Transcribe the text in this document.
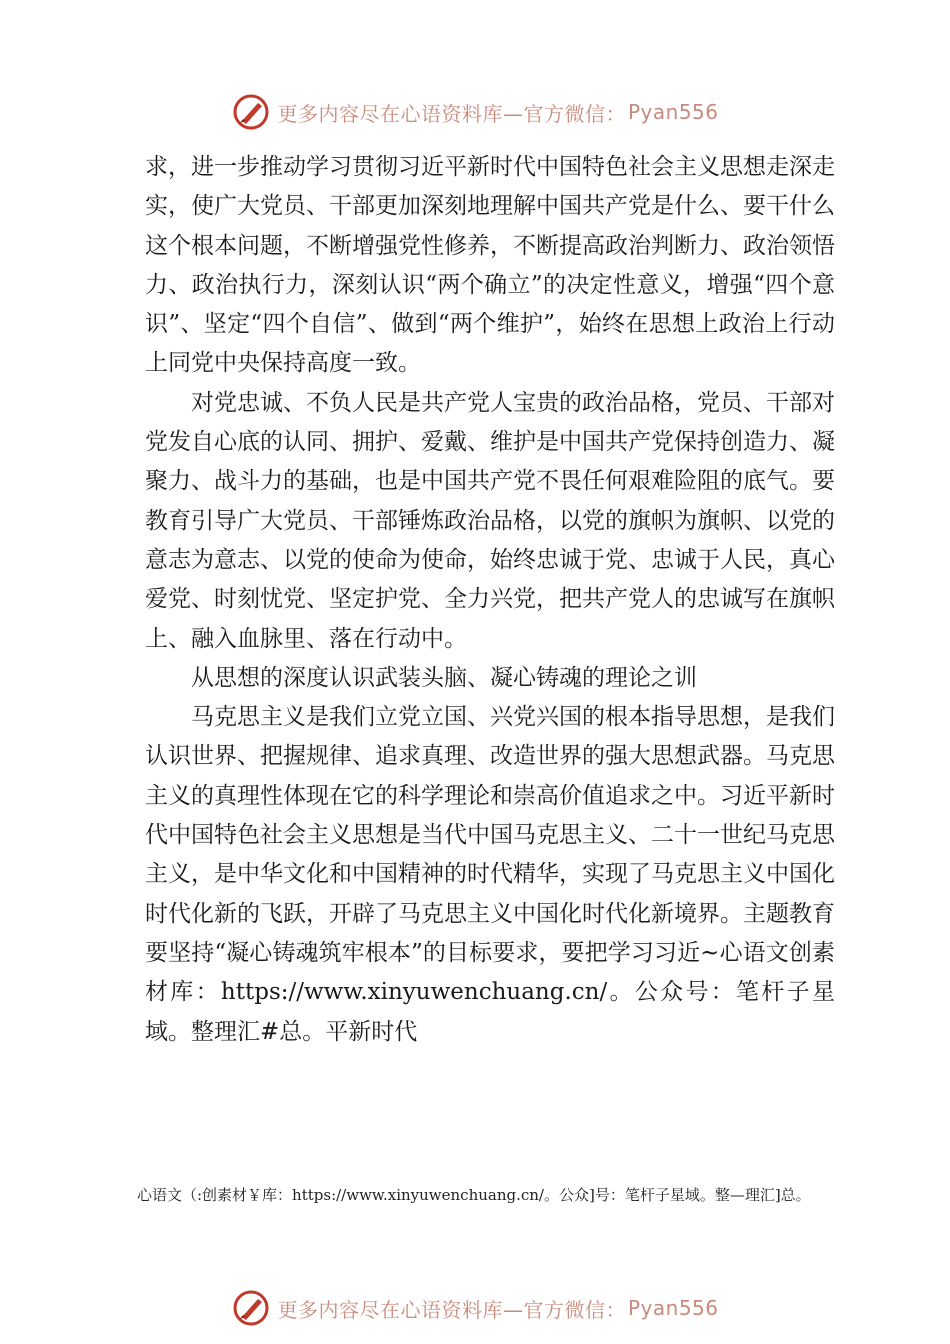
更多内容尽在心语资料库—官方微信： Pyan556

求，进一步推动学习贯彻习近平新时代中国特色社会主义思想走深走实，使广大党员、干部更加深刻地理解中国共产党是什么、要干什么这个根本问题，不断增强党性修养，不断提高政治判断力、政治领悟力、政治执行力，深刻认识“两个确立”的决定性意义，增强“四个意识”、坚定“四个自信”、做到“两个维护”，始终在思想上政治上行动上同党中央保持高度一致。

对党忠诚、不负人民是共产党人宝贵的政治品格，党员、干部对党发自心底的认同、拥护、爱戴、维护是中国共产党保持创造力、凝聚力、战斗力的基础，也是中国共产党不畏任何艰难险阻的底气。要教育引导广大党员、干部锤炼政治品格，以党的旗帜为旗帜、以党的意志为意志、以党的使命为使命，始终忠诚于党、忠诚于人民，真心爱党、时刻忧党、坚定护党、全力兴党，把共产党人的忠诚写在旗帜上、融入血脉里、落在行动中。

从思想的深度认识武装头脑、凝心铸魂的理论之训

马克思主义是我们立党立国、兴党兴国的根本指导思想，是我们认识世界、把握规律、追求真理、改造世界的强大思想武器。马克思主义的真理性体现在它的科学理论和崇高价值追求之中。习近平新时代中国特色社会主义思想是当代中国马克思主义、二十一世纪马克思主义，是中华文化和中国精神的时代精华，实现了马克思主义中国化时代化新的飞跃，开辟了马克思主义中国化时代化新境界。主题教育要坚持“凝心铸魂筑牢根本”的目标要求，要把学习习近~心语文创素材库：https://www.xinyuwenchuang.cn/。公众号：笔杆子星域。整理汇#总。平新时代

心语文（:创素材￥库：https://www.xinyuwenchuang.cn/。公众]号：笔杆子星域。整—理汇]总。
更多内容尽在心语资料库—官方微信： Pyan556
